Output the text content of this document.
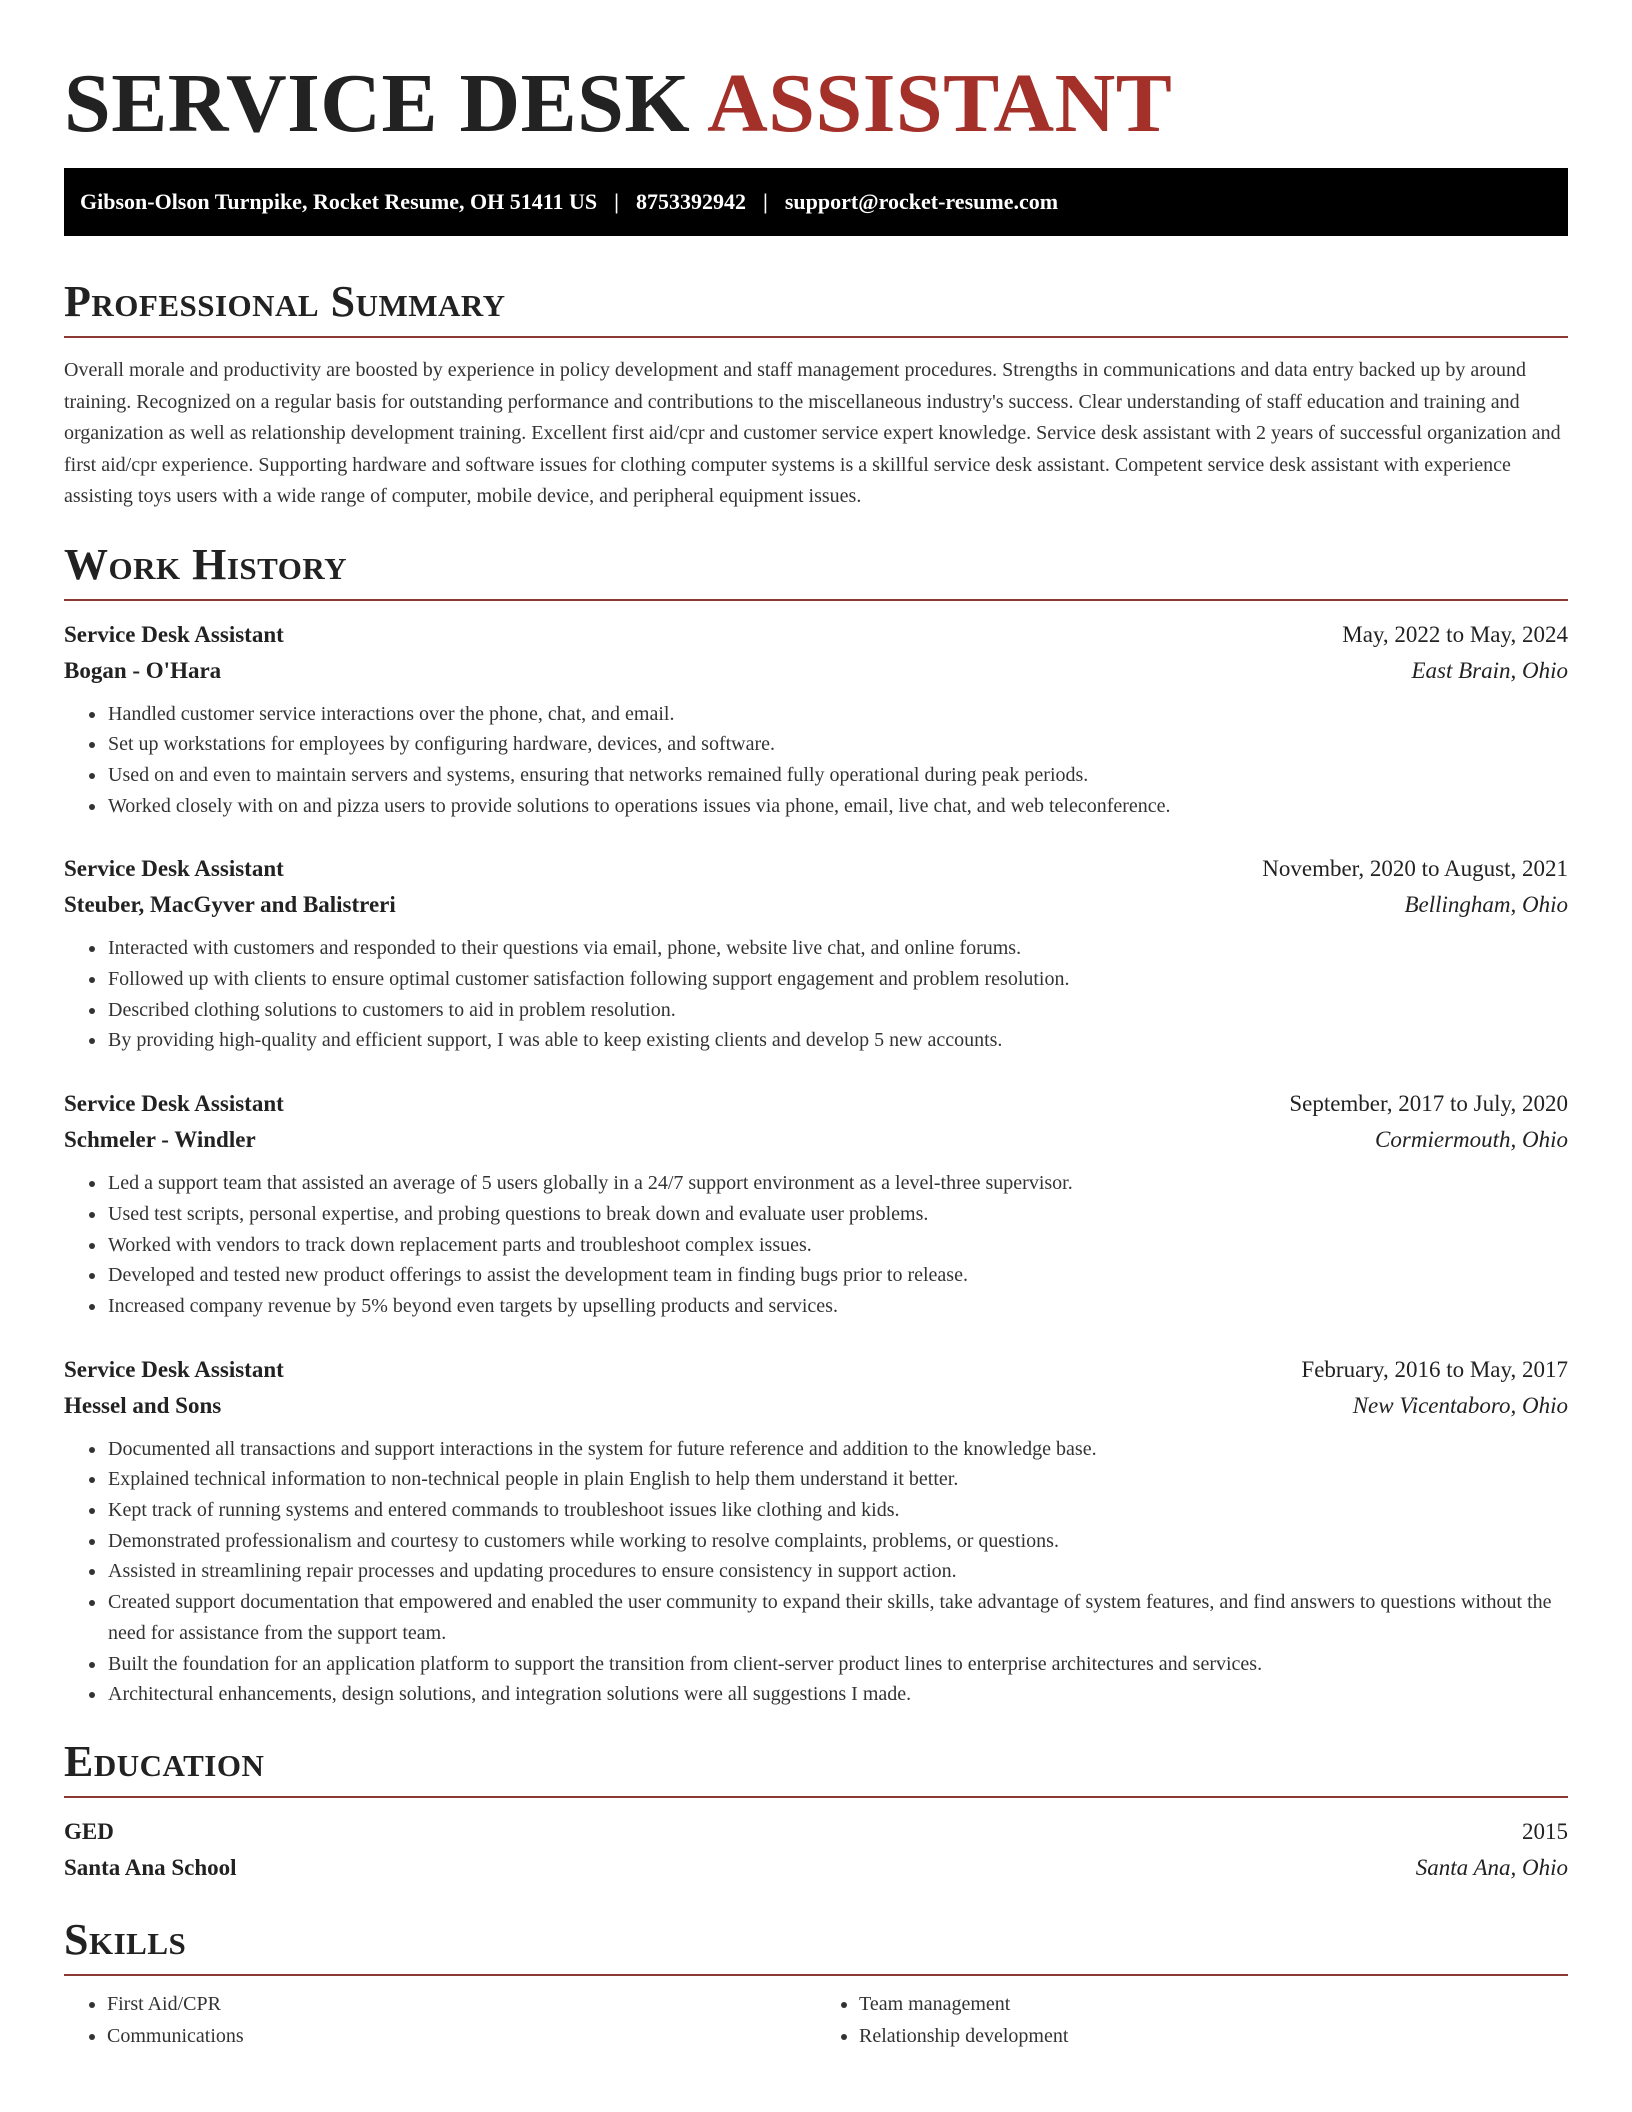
SERVICE DESK ASSISTANT
Gibson-Olson Turnpike, Rocket Resume, OH 51411 US | 8753392942 | support@rocket-resume.com
Professional Summary

Overall morale and productivity are boosted by experience in policy development and staff management procedures. Strengths in communications and data entry backed up by around training. Recognized on a regular basis for outstanding performance and contributions to the miscellaneous industry's success. Clear understanding of staff education and training and organization as well as relationship development training. Excellent first aid/cpr and customer service expert knowledge. Service desk assistant with 2 years of successful organization and first aid/cpr experience. Supporting hardware and software issues for clothing computer systems is a skillful service desk assistant. Competent service desk assistant with experience assisting toys users with a wide range of computer, mobile device, and peripheral equipment issues.

Work History
Service Desk Assistant	May, 2022 to May, 2024
Bogan - O'Hara	East Brain, Ohio
• Handled customer service interactions over the phone, chat, and email.
• Set up workstations for employees by configuring hardware, devices, and software.
• Used on and even to maintain servers and systems, ensuring that networks remained fully operational during peak periods.
• Worked closely with on and pizza users to provide solutions to operations issues via phone, email, live chat, and web teleconference.
Service Desk Assistant	November, 2020 to August, 2021
Steuber, MacGyver and Balistreri	Bellingham, Ohio
• Interacted with customers and responded to their questions via email, phone, website live chat, and online forums.
• Followed up with clients to ensure optimal customer satisfaction following support engagement and problem resolution.
• Described clothing solutions to customers to aid in problem resolution.
• By providing high-quality and efficient support, I was able to keep existing clients and develop 5 new accounts.
Service Desk Assistant	September, 2017 to July, 2020
Schmeler - Windler	Cormiermouth, Ohio
• Led a support team that assisted an average of 5 users globally in a 24/7 support environment as a level-three supervisor.
• Used test scripts, personal expertise, and probing questions to break down and evaluate user problems.
• Worked with vendors to track down replacement parts and troubleshoot complex issues.
• Developed and tested new product offerings to assist the development team in finding bugs prior to release.
• Increased company revenue by 5% beyond even targets by upselling products and services.
Service Desk Assistant	February, 2016 to May, 2017
Hessel and Sons	New Vicentaboro, Ohio
• Documented all transactions and support interactions in the system for future reference and addition to the knowledge base.
• Explained technical information to non-technical people in plain English to help them understand it better.
• Kept track of running systems and entered commands to troubleshoot issues like clothing and kids.
• Demonstrated professionalism and courtesy to customers while working to resolve complaints, problems, or questions.
• Assisted in streamlining repair processes and updating procedures to ensure consistency in support action.
• Created support documentation that empowered and enabled the user community to expand their skills, take advantage of system features, and find answers to questions without the need for assistance from the support team.
• Built the foundation for an application platform to support the transition from client-server product lines to enterprise architectures and services.
• Architectural enhancements, design solutions, and integration solutions were all suggestions I made.
Education
GED	2015
Santa Ana School	Santa Ana, Ohio
Skills
• First Aid/CPR
• Communications
• Team management
• Relationship development
